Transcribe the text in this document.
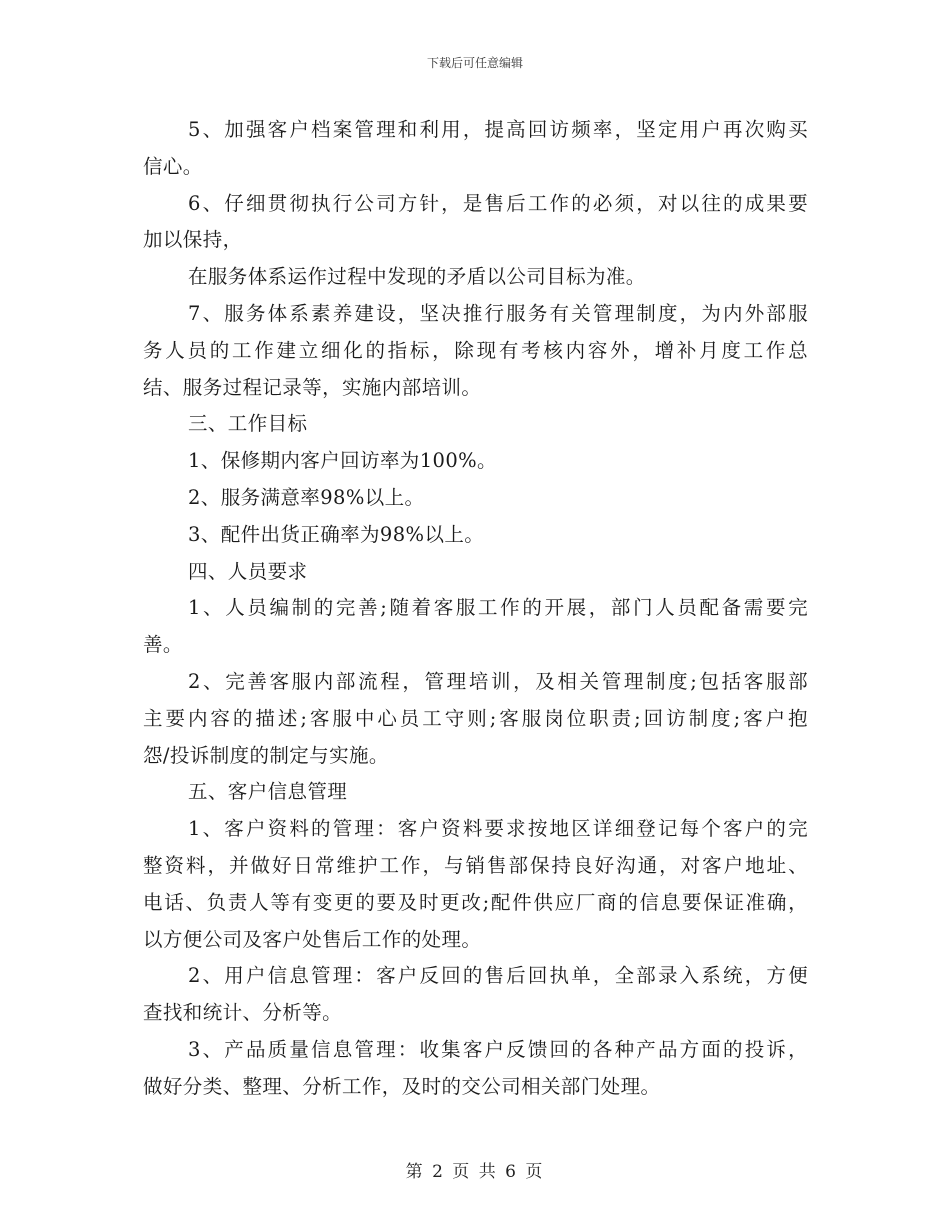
下载后可任意编辑
5、加强客户档案管理和利用，提高回访频率，坚定用户再次购买
信心。
6、仔细贯彻执行公司方针，是售后工作的必须，对以往的成果要
加以保持，
在服务体系运作过程中发现的矛盾以公司目标为准。
7、服务体系素养建设，坚决推行服务有关管理制度，为内外部服
务人员的工作建立细化的指标，除现有考核内容外，增补月度工作总
结、服务过程记录等，实施内部培训。
三、工作目标
1、保修期内客户回访率为100%。
2、服务满意率98%以上。
3、配件出货正确率为98%以上。
四、人员要求
1、人员编制的完善;随着客服工作的开展，部门人员配备需要完
善。
2、完善客服内部流程，管理培训，及相关管理制度;包括客服部
主要内容的描述;客服中心员工守则;客服岗位职责;回访制度;客户抱
怨/投诉制度的制定与实施。
五、客户信息管理
1、客户资料的管理：客户资料要求按地区详细登记每个客户的完
整资料，并做好日常维护工作，与销售部保持良好沟通，对客户地址、
电话、负责人等有变更的要及时更改;配件供应厂商的信息要保证准确，
以方便公司及客户处售后工作的处理。
2、用户信息管理：客户反回的售后回执单，全部录入系统，方便
查找和统计、分析等。
3、产品质量信息管理：收集客户反馈回的各种产品方面的投诉，
做好分类、整理、分析工作，及时的交公司相关部门处理。
第 2 页 共 6 页
